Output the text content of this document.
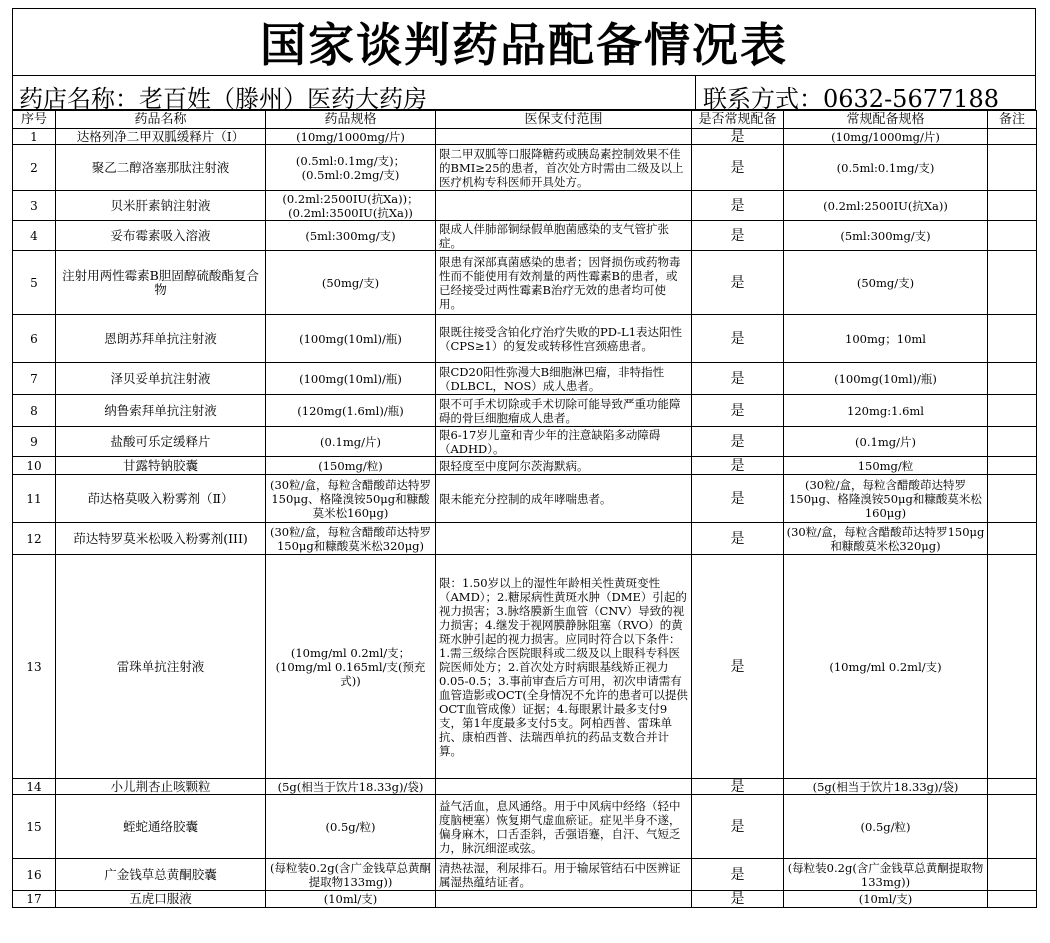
国家谈判药品配备情况表
药店名称：老百姓（滕州）医药大药房	联系方式：0632-5677188
序号	药品名称	药品规格	医保支付范围	是否常规配备	常规配备规格	备注
1	达格列净二甲双胍缓释片（Ⅰ）	(10mg/1000mg/片)		是	(10mg/1000mg/片)	
2	聚乙二醇洛塞那肽注射液	(0.5ml:0.1mg/支)；(0.5ml:0.2mg/支)	限二甲双胍等口服降糖药或胰岛素控制效果不佳的BMI≥25的患者，首次处方时需由二级及以上医疗机构专科医师开具处方。	是	(0.5ml:0.1mg/支)	
3	贝米肝素钠注射液	(0.2ml:2500IU(抗Xa))；(0.2ml:3500IU(抗Xa))		是	(0.2ml:2500IU(抗Xa))	
4	妥布霉素吸入溶液	(5ml:300mg/支)	限成人伴肺部铜绿假单胞菌感染的支气管扩张症。	是	(5ml:300mg/支)	
5	注射用两性霉素B胆固醇硫酸酯复合物	(50mg/支)	限患有深部真菌感染的患者；因肾损伤或药物毒性而不能使用有效剂量的两性霉素B的患者，或已经接受过两性霉素B治疗无效的患者均可使用。	是	(50mg/支)	
6	恩朗苏拜单抗注射液	(100mg(10ml)/瓶)	限既往接受含铂化疗治疗失败的PD-L1表达阳性（CPS≥1）的复发或转移性宫颈癌患者。	是	100mg；10ml	
7	泽贝妥单抗注射液	(100mg(10ml)/瓶)	限CD20阳性弥漫大B细胞淋巴瘤，非特指性（DLBCL，NOS）成人患者。	是	(100mg(10ml)/瓶)	
8	纳鲁索拜单抗注射液	(120mg(1.6ml)/瓶)	限不可手术切除或手术切除可能导致严重功能障碍的骨巨细胞瘤成人患者。	是	120mg:1.6ml	
9	盐酸可乐定缓释片	(0.1mg/片)	限6-17岁儿童和青少年的注意缺陷多动障碍（ADHD）。	是	(0.1mg/片)	
10	甘露特钠胶囊	(150mg/粒)	限轻度至中度阿尔茨海默病。	是	150mg/粒	
11	茚达格莫吸入粉雾剂（Ⅱ）	(30粒/盒，每粒含醋酸茚达特罗150μg、格隆溴铵50μg和糠酸莫米松160μg)	限未能充分控制的成年哮喘患者。	是	(30粒/盒，每粒含醋酸茚达特罗150μg、格隆溴铵50μg和糠酸莫米松160μg)	
12	茚达特罗莫米松吸入粉雾剂(III)	(30粒/盒，每粒含醋酸茚达特罗150μg和糠酸莫米松320μg)		是	(30粒/盒，每粒含醋酸茚达特罗150μg和糠酸莫米松320μg)	
13	雷珠单抗注射液	(10mg/ml 0.2ml/支；(10mg/ml 0.165ml/支(预充式))	限：1.50岁以上的湿性年龄相关性黄斑变性（AMD）；2.糖尿病性黄斑水肿（DME）引起的视力损害；3.脉络膜新生血管（CNV）导致的视力损害；4.继发于视网膜静脉阻塞（RVO）的黄斑水肿引起的视力损害。应同时符合以下条件：1.需三级综合医院眼科或二级及以上眼科专科医院医师处方；2.首次处方时病眼基线矫正视力0.05-0.5；3.事前审查后方可用，初次申请需有血管造影或OCT(全身情况不允许的患者可以提供OCT血管成像）证据；4.每眼累计最多支付9支，第1年度最多支付5支。阿柏西普、雷珠单抗、康柏西普、法瑞西单抗的药品支数合并计算。	是	(10mg/ml 0.2ml/支)	
14	小儿荆杏止咳颗粒	(5g(相当于饮片18.33g)/袋)		是	(5g(相当于饮片18.33g)/袋)	
15	蛭蛇通络胶囊	(0.5g/粒)	益气活血，息风通络。用于中风病中经络（轻中度脑梗塞）恢复期气虚血瘀证。症见半身不遂，偏身麻木，口舌歪斜，舌强语蹇，自汗、气短乏力，脉沉细涩或弦。	是	(0.5g/粒)	
16	广金钱草总黄酮胶囊	(每粒装0.2g(含广金钱草总黄酮提取物133mg))	清热祛湿，利尿排石。用于输尿管结石中医辨证属湿热蕴结证者。	是	(每粒装0.2g(含广金钱草总黄酮提取物133mg))	
17	五虎口服液	(10ml/支)		是	(10ml/支)	
